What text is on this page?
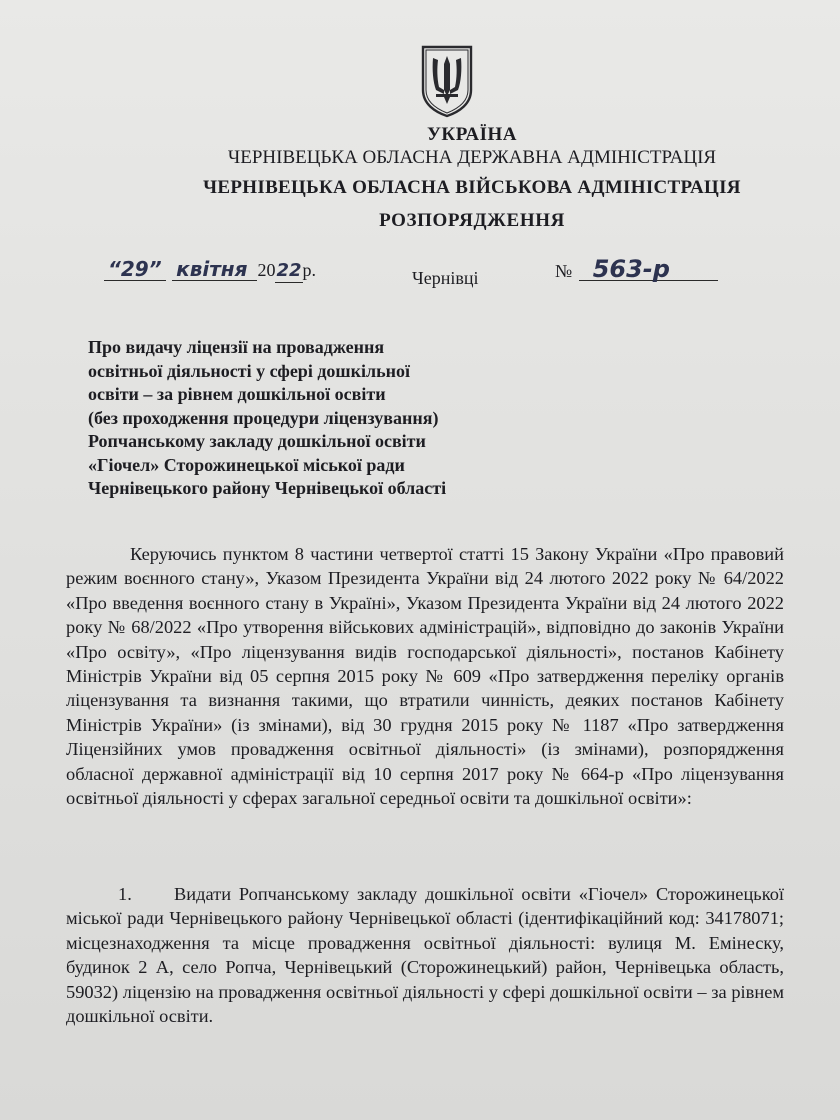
УКРАЇНА
ЧЕРНІВЕЦЬКА ОБЛАСНА ДЕРЖАВНА АДМІНІСТРАЦІЯ
ЧЕРНІВЕЦЬКА ОБЛАСНА ВІЙСЬКОВА АДМІНІСТРАЦІЯ
РОЗПОРЯДЖЕННЯ
“29” квітня 2022р.	Чернівці	№ 563-р
Про видачу ліцензії на провадження
освітньої діяльності у сфері дошкільної
освіти – за рівнем дошкільної освіти
(без проходження процедури ліцензування)
Ропчанському закладу дошкільної освіти
«Гіочел» Сторожинецької міської ради
Чернівецького району Чернівецької області
Керуючись пунктом 8 частини четвертої статті 15 Закону України «Про правовий режим воєнного стану», Указом Президента України від 24 лютого 2022 року № 64/2022 «Про введення воєнного стану в Україні», Указом Президента України від 24 лютого 2022 року № 68/2022 «Про утворення військових адміністрацій», відповідно до законів України «Про освіту», «Про ліцензування видів господарської діяльності», постанов Кабінету Міністрів України від 05 серпня 2015 року № 609 «Про затвердження переліку органів ліцензування та визнання такими, що втратили чинність, деяких постанов Кабінету Міністрів України» (із змінами), від 30 грудня 2015 року № 1187 «Про затвердження Ліцензійних умов провадження освітньої діяльності» (із змінами), розпорядження обласної державної адміністрації від 10 серпня 2017 року № 664-р «Про ліцензування освітньої діяльності у сферах загальної середньої освіти та дошкільної освіти»:
1. Видати Ропчанському закладу дошкільної освіти «Гіочел» Сторожинецької міської ради Чернівецького району Чернівецької області (ідентифікаційний код: 34178071; місцезнаходження та місце провадження освітньої діяльності: вулиця М. Емінеску, будинок 2 А, село Ропча, Чернівецький (Сторожинецький) район, Чернівецька область, 59032) ліцензію на провадження освітньої діяльності у сфері дошкільної освіти – за рівнем дошкільної освіти.
